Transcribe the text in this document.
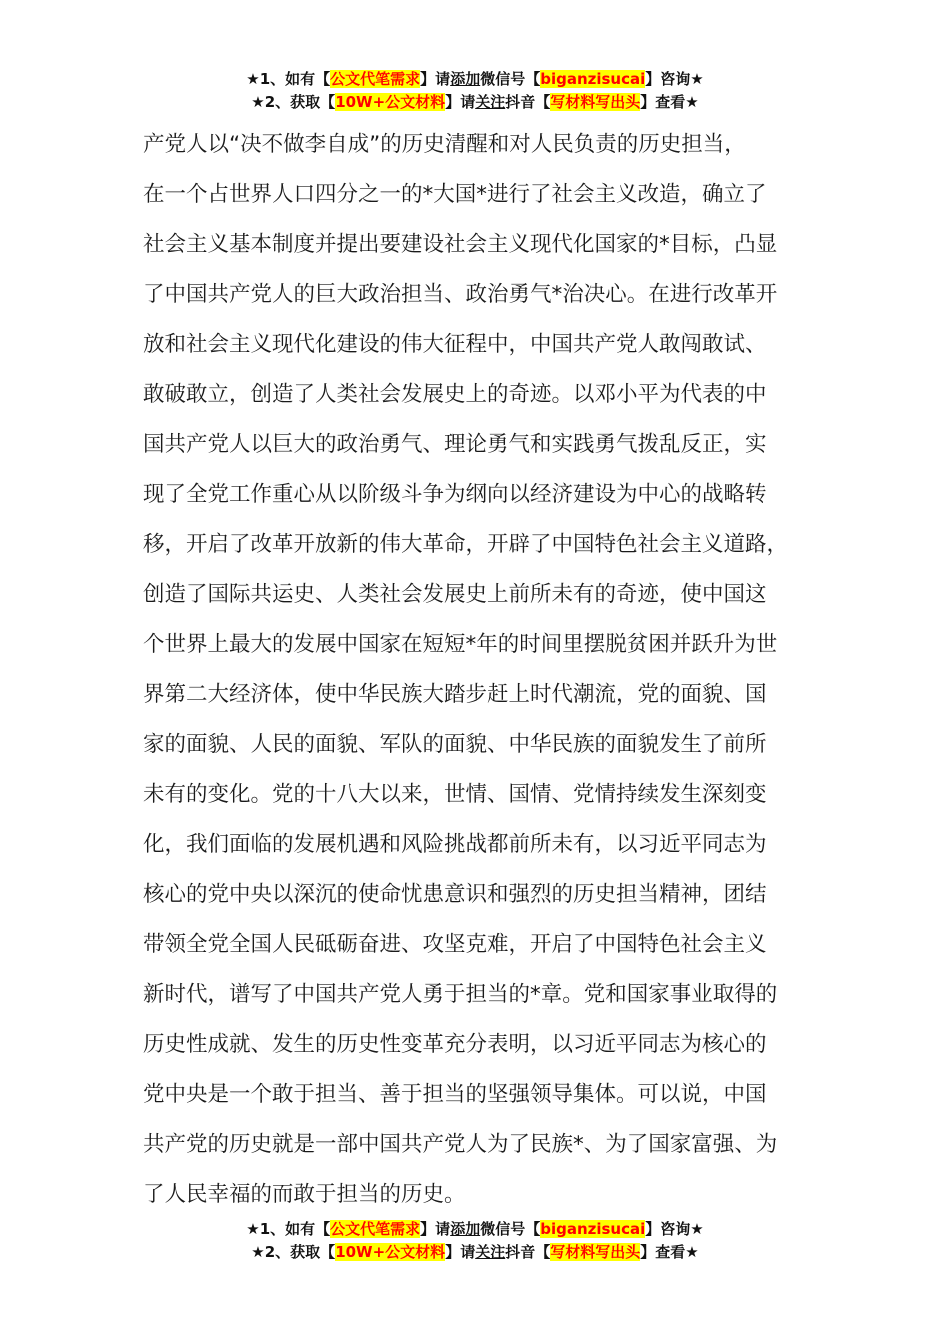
★1、如有【公文代笔需求】请添加微信号【biganzisucai】咨询★
★2、获取【10W+公文材料】请关注抖音【写材料写出头】查看★
产党人以“决不做李自成”的历史清醒和对人民负责的历史担当，
在一个占世界人口四分之一的*大国*进行了社会主义改造，确立了
社会主义基本制度并提出要建设社会主义现代化国家的*目标，凸显
了中国共产党人的巨大政治担当、政治勇气*治决心。在进行改革开
放和社会主义现代化建设的伟大征程中，中国共产党人敢闯敢试、
敢破敢立，创造了人类社会发展史上的奇迹。以邓小平为代表的中
国共产党人以巨大的政治勇气、理论勇气和实践勇气拨乱反正，实
现了全党工作重心从以阶级斗争为纲向以经济建设为中心的战略转
移，开启了改革开放新的伟大革命，开辟了中国特色社会主义道路，
创造了国际共运史、人类社会发展史上前所未有的奇迹，使中国这
个世界上最大的发展中国家在短短*年的时间里摆脱贫困并跃升为世
界第二大经济体，使中华民族大踏步赶上时代潮流，党的面貌、国
家的面貌、人民的面貌、军队的面貌、中华民族的面貌发生了前所
未有的变化。党的十八大以来，世情、国情、党情持续发生深刻变
化，我们面临的发展机遇和风险挑战都前所未有，以习近平同志为
核心的党中央以深沉的使命忧患意识和强烈的历史担当精神，团结
带领全党全国人民砥砺奋进、攻坚克难，开启了中国特色社会主义
新时代，谱写了中国共产党人勇于担当的*章。党和国家事业取得的
历史性成就、发生的历史性变革充分表明，以习近平同志为核心的
党中央是一个敢于担当、善于担当的坚强领导集体。可以说，中国
共产党的历史就是一部中国共产党人为了民族*、为了国家富强、为
了人民幸福的而敢于担当的历史。
★1、如有【公文代笔需求】请添加微信号【biganzisucai】咨询★
★2、获取【10W+公文材料】请关注抖音【写材料写出头】查看★
